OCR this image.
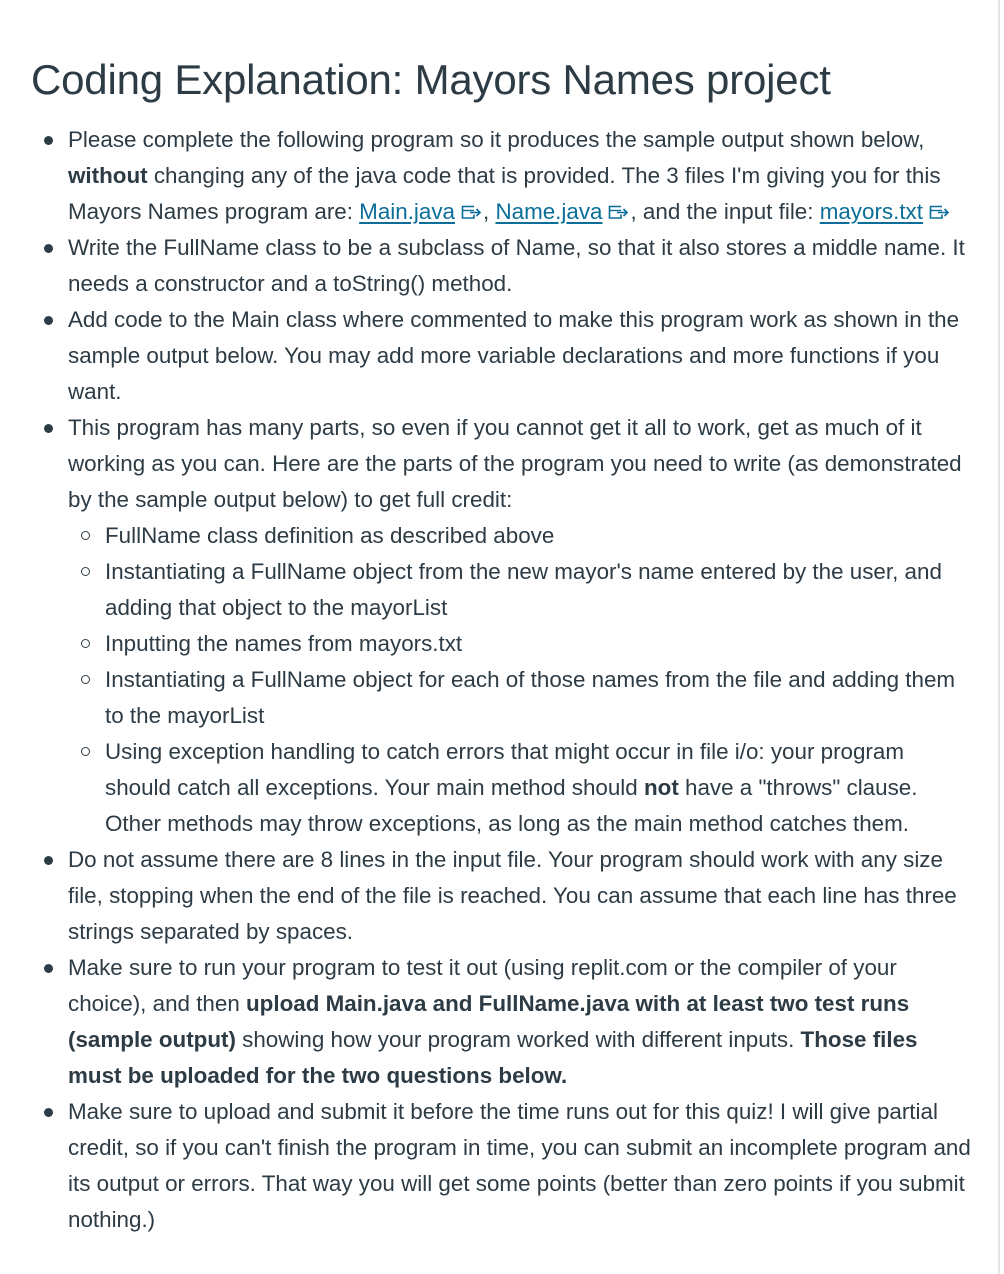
Coding Explanation: Mayors Names project
Please complete the following program so it produces the sample output shown below, without changing any of the java code that is provided. The 3 files I'm giving you for this Mayors Names program are: Main.java , Name.java , and the input file: mayors.txt
Write the FullName class to be a subclass of Name, so that it also stores a middle name. It needs a constructor and a toString() method.
Add code to the Main class where commented to make this program work as shown in the sample output below. You may add more variable declarations and more functions if you want.
This program has many parts, so even if you cannot get it all to work, get as much of it working as you can. Here are the parts of the program you need to write (as demonstrated by the sample output below) to get full credit:
FullName class definition as described above
Instantiating a FullName object from the new mayor's name entered by the user, and adding that object to the mayorList
Inputting the names from mayors.txt
Instantiating a FullName object for each of those names from the file and adding them to the mayorList
Using exception handling to catch errors that might occur in file i/o: your program should catch all exceptions. Your main method should not have a "throws" clause. Other methods may throw exceptions, as long as the main method catches them.
Do not assume there are 8 lines in the input file. Your program should work with any size file, stopping when the end of the file is reached. You can assume that each line has three strings separated by spaces.
Make sure to run your program to test it out (using replit.com or the compiler of your choice), and then upload Main.java and FullName.java with at least two test runs (sample output) showing how your program worked with different inputs. Those files must be uploaded for the two questions below.
Make sure to upload and submit it before the time runs out for this quiz! I will give partial credit, so if you can't finish the program in time, you can submit an incomplete program and its output or errors. That way you will get some points (better than zero points if you submit nothing.)
